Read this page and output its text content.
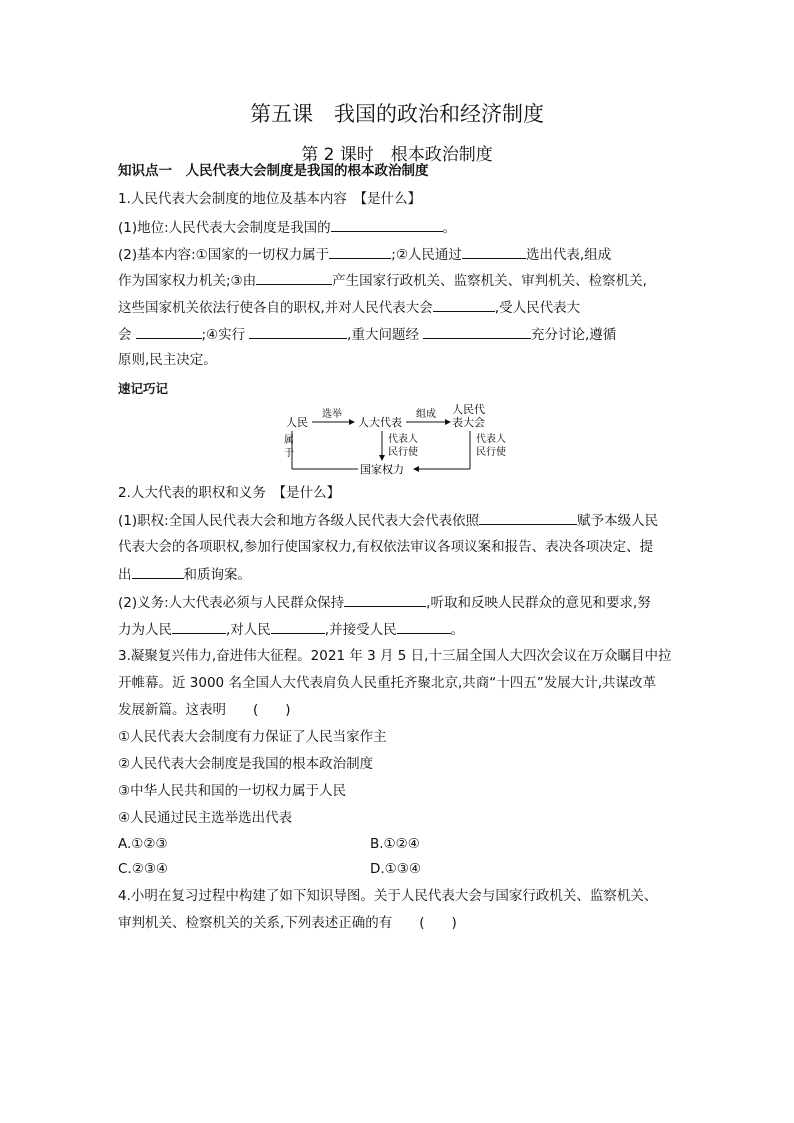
第五课　我国的政治和经济制度
第 2 课时　根本政治制度
知识点一　人民代表大会制度是我国的根本政治制度
1.人民代表大会制度的地位及基本内容　【是什么】
(1)地位:人民代表大会制度是我国的	。
(2)基本内容:①国家的一切权力属于	;②人民通过	选出代表,组成
作为国家权力机关;③由	产生国家行政机关、监察机关、审判机关、检察机关,
这些国家机关依法行使各自的职权,并对人民代表大会	,受人民代表大
会	;④实行	,重大问题经	充分讨论,遵循
原则,民主决定。
速记巧记
人民
选举
人大代表
组成 人民代
表大会
属
于
代表人
民行使
国家权力
代表人
民行使
2.人大代表的职权和义务　【是什么】
(1)职权:全国人民代表大会和地方各级人民代表大会代表依照	赋予本级人民
代表大会的各项职权,参加行使国家权力,有权依法审议各项议案和报告、表决各项决定、提
出	和质询案。
(2)义务:人大代表必须与人民群众保持	,听取和反映人民群众的意见和要求,努
力为人民	,对人民	,并接受人民	。
3.凝聚复兴伟力,奋进伟大征程。2021 年 3 月 5 日,十三届全国人大四次会议在万众瞩目中拉
开帷幕。近 3000 名全国人大代表肩负人民重托齐聚北京,共商“十四五”发展大计,共谋改革
发展新篇。这表明　　(　　)
①人民代表大会制度有力保证了人民当家作主
②人民代表大会制度是我国的根本政治制度
③中华人民共和国的一切权力属于人民
④人民通过民主选举选出代表
A.①②③	B.①②④
C.②③④	D.①③④
4.小明在复习过程中构建了如下知识导图。关于人民代表大会与国家行政机关、监察机关、
审判机关、检察机关的关系,下列表述正确的有　　(　　)
